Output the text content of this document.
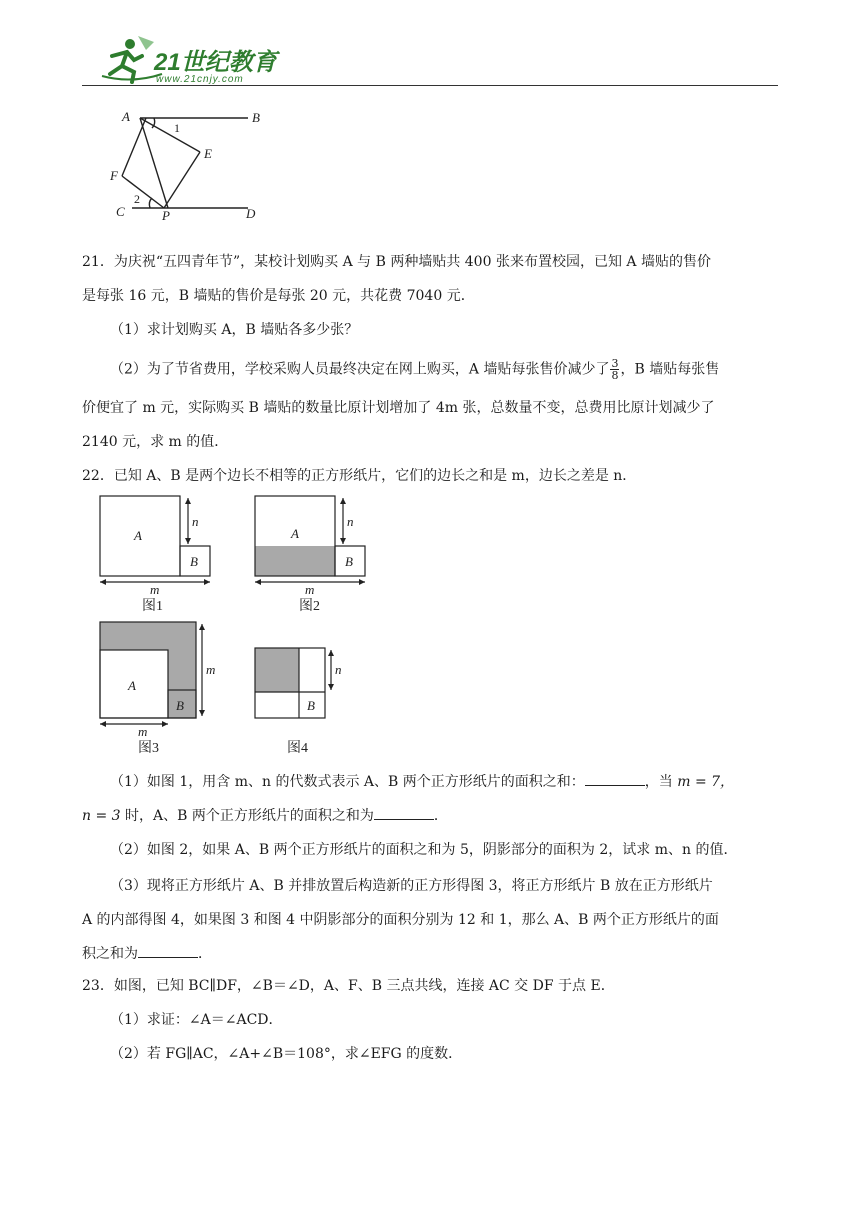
21世纪教育
www.21cnjy.com
A	B
E
F
C	P	D
1
2
21．为庆祝“五四青年节”，某校计划购买 A 与 B 两种墙贴共 400 张来布置校园，已知 A 墙贴的售价
是每张 16 元，B 墙贴的售价是每张 20 元，共花费 7040 元．
（1）求计划购买 A，B 墙贴各多少张？
（2）为了节省费用，学校采购人员最终决定在网上购买，A 墙贴每张售价减少了 $\frac{3}{8}$ ，B 墙贴每张售
价便宜了 m 元，实际购买 B 墙贴的数量比原计划增加了 4m 张，总数量不变，总费用比原计划减少了
2140 元，求 m 的值．
22．已知 A、B 是两个边长不相等的正方形纸片，它们的边长之和是 m，边长之差是 n．
A
B
n
m
图1
A
B
n
m
图2
A
B
m
m
图3
B
n
图4
（1）如图 1，用含 m、n 的代数式表示 A、B 两个正方形纸片的面积之和：	，当 m = 7，
n = 3 时，A、B 两个正方形纸片的面积之和为	．
（2）如图 2，如果 A、B 两个正方形纸片的面积之和为 5，阴影部分的面积为 2，试求 m、n 的值．
（3）现将正方形纸片 A、B 并排放置后构造新的正方形得图 3，将正方形纸片 B 放在正方形纸片
A 的内部得图 4，如果图 3 和图 4 中阴影部分的面积分别为 12 和 1，那么 A、B 两个正方形纸片的面
积之和为	．
23．如图，已知 BC∥DF，∠B＝∠D，A、F、B 三点共线，连接 AC 交 DF 于点 E．
（1）求证：∠A＝∠ACD．
（2）若 FG∥AC，∠A+∠B＝108°，求∠EFG 的度数．
